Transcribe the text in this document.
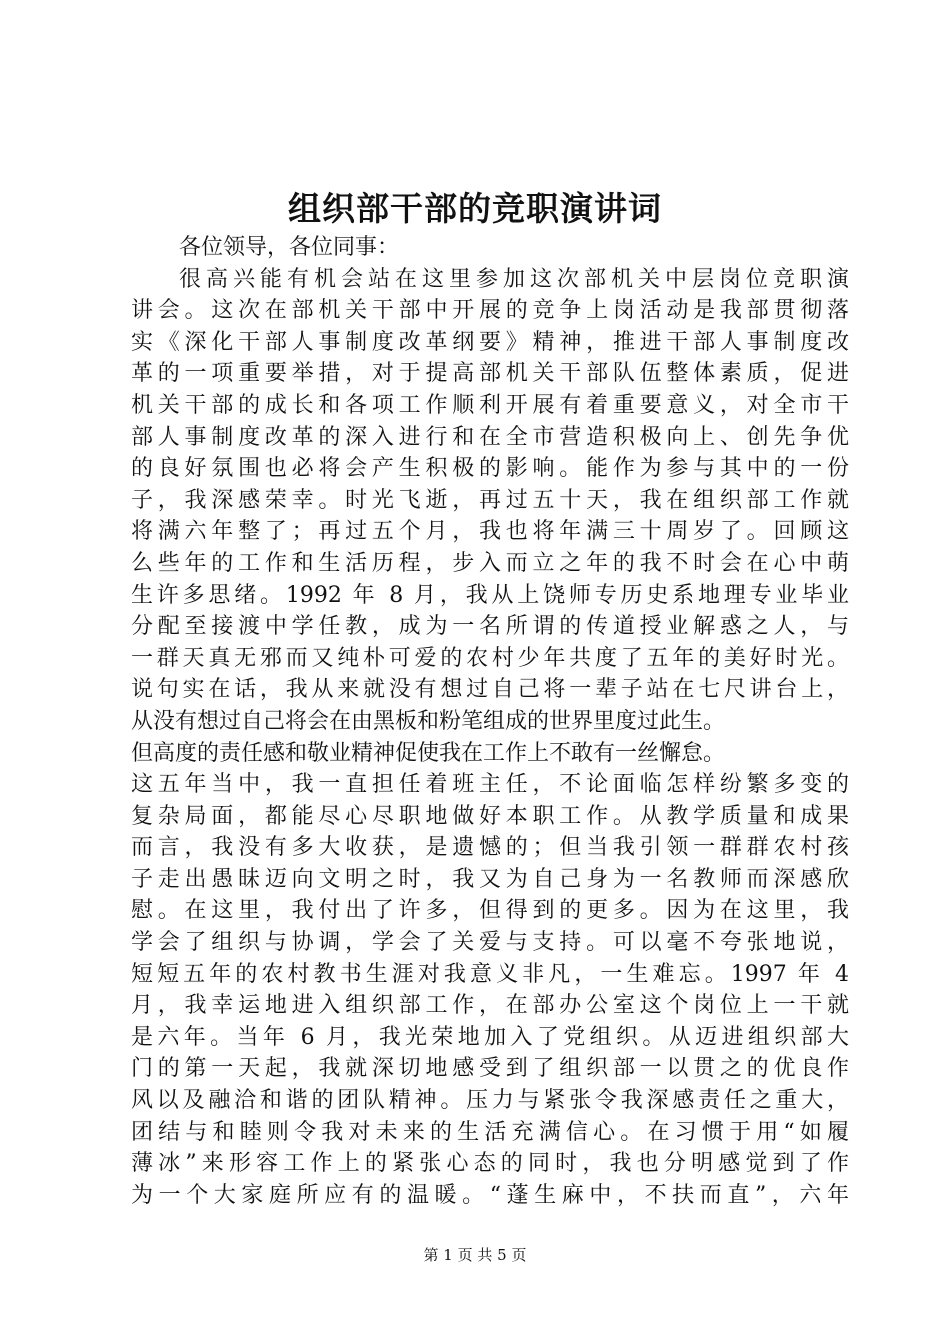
组织部干部的竞职演讲词
各位领导，各位同事：
很高兴能有机会站在这里参加这次部机关中层岗位竞职演
讲会。这次在部机关干部中开展的竞争上岗活动是我部贯彻落
实《深化干部人事制度改革纲要》精神，推进干部人事制度改
革的一项重要举措，对于提高部机关干部队伍整体素质，促进
机关干部的成长和各项工作顺利开展有着重要意义，对全市干
部人事制度改革的深入进行和在全市营造积极向上、创先争优
的良好氛围也必将会产生积极的影响。能作为参与其中的一份
子，我深感荣幸。时光飞逝，再过五十天，我在组织部工作就
将满六年整了；再过五个月，我也将年满三十周岁了。回顾这
么些年的工作和生活历程，步入而立之年的我不时会在心中萌
生许多思绪。1992 年 8 月，我从上饶师专历史系地理专业毕业
分配至接渡中学任教，成为一名所谓的传道授业解惑之人，与
一群天真无邪而又纯朴可爱的农村少年共度了五年的美好时光。
说句实在话，我从来就没有想过自己将一辈子站在七尺讲台上，
从没有想过自己将会在由黑板和粉笔组成的世界里度过此生。
但高度的责任感和敬业精神促使我在工作上不敢有一丝懈怠。
这五年当中，我一直担任着班主任，不论面临怎样纷繁多变的
复杂局面，都能尽心尽职地做好本职工作。从教学质量和成果
而言，我没有多大收获，是遗憾的；但当我引领一群群农村孩
子走出愚昧迈向文明之时，我又为自己身为一名教师而深感欣
慰。在这里，我付出了许多，但得到的更多。因为在这里，我
学会了组织与协调，学会了关爱与支持。可以毫不夸张地说，
短短五年的农村教书生涯对我意义非凡，一生难忘。1997 年 4
月，我幸运地进入组织部工作，在部办公室这个岗位上一干就
是六年。当年 6 月，我光荣地加入了党组织。从迈进组织部大
门的第一天起，我就深切地感受到了组织部一以贯之的优良作
风以及融洽和谐的团队精神。压力与紧张令我深感责任之重大，
团结与和睦则令我对未来的生活充满信心。在习惯于用“如履
薄冰”来形容工作上的紧张心态的同时，我也分明感觉到了作
为一个大家庭所应有的温暖。“蓬生麻中，不扶而直”，六年
第 1 页 共 5 页
